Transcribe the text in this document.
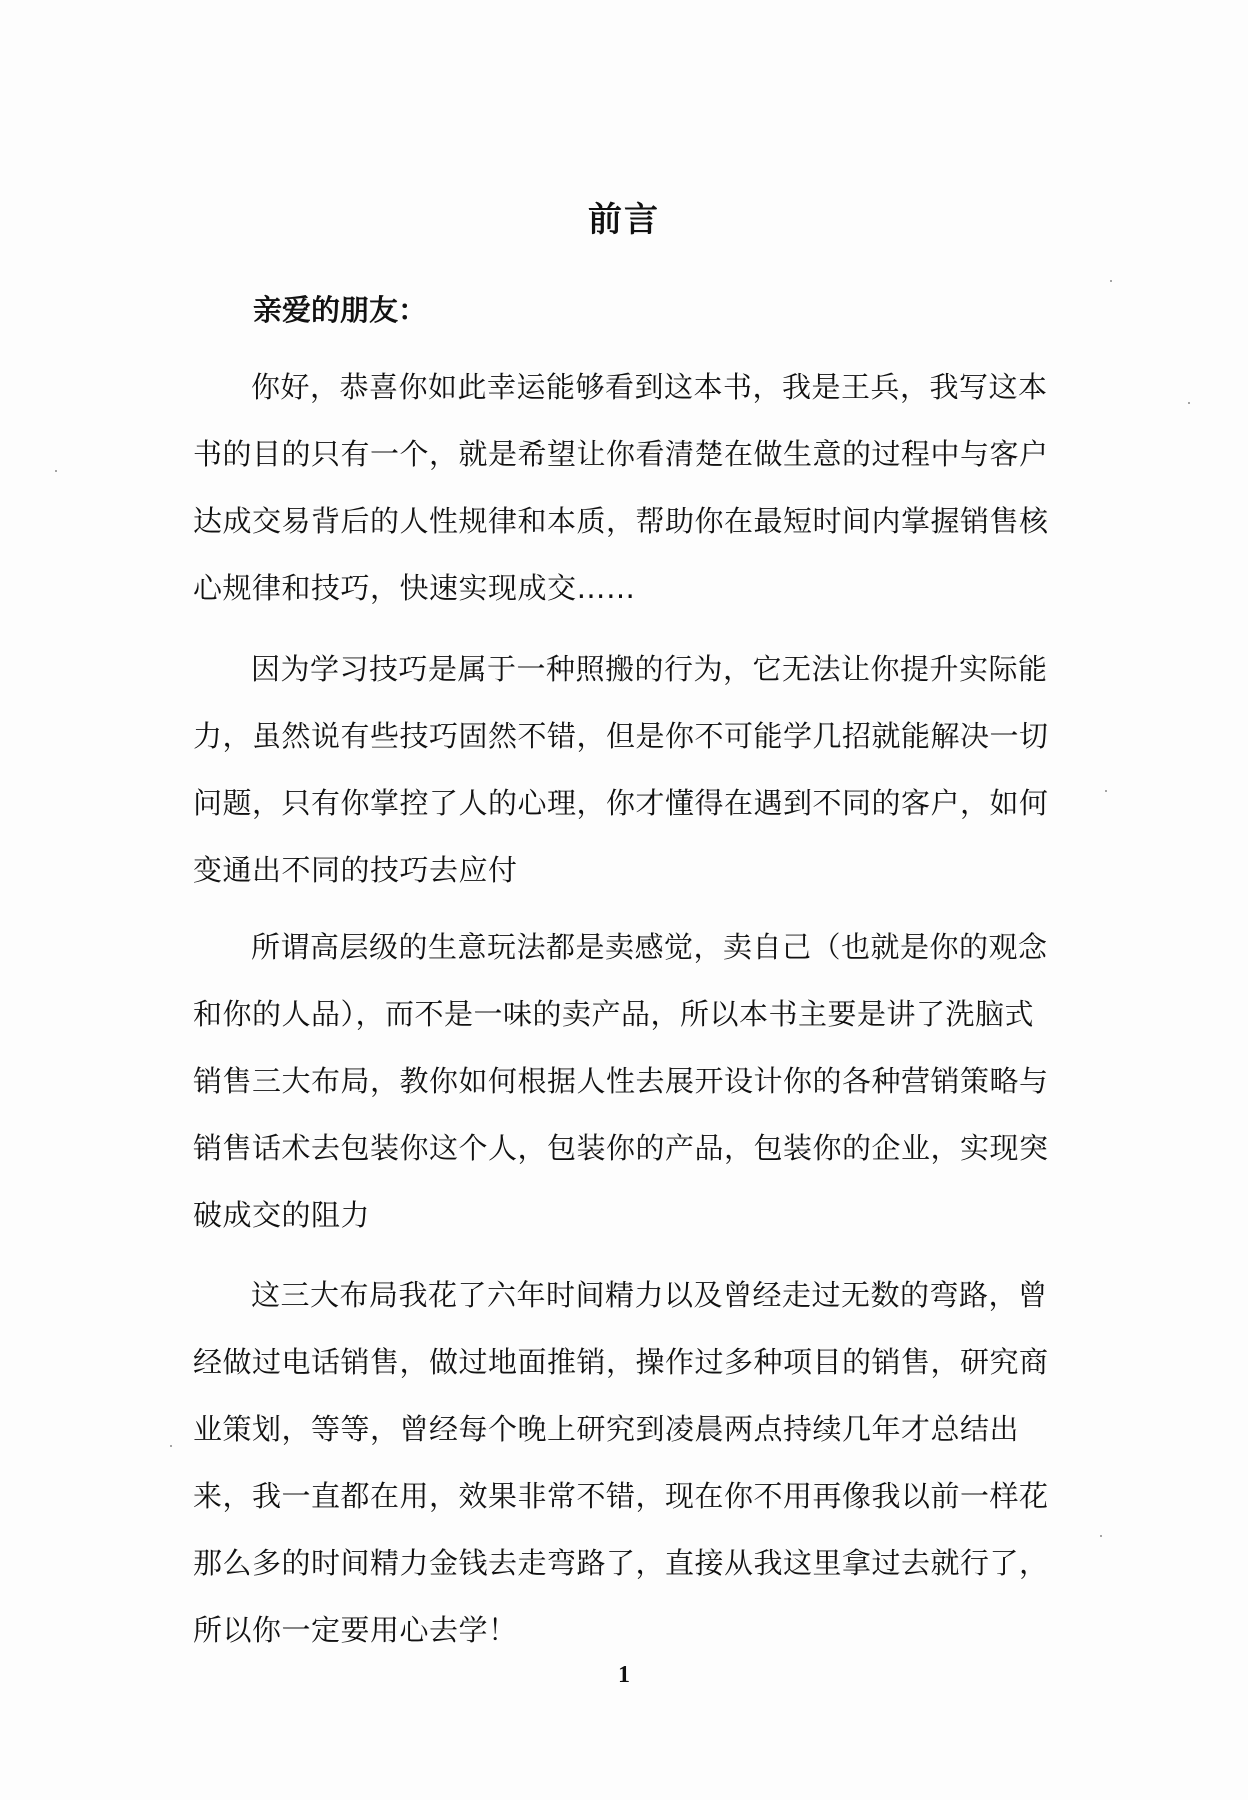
前言
亲爱的朋友：

你好，恭喜你如此幸运能够看到这本书，我是王兵，我写这本书的目的只有一个，就是希望让你看清楚在做生意的过程中与客户达成交易背后的人性规律和本质，帮助你在最短时间内掌握销售核心规律和技巧，快速实现成交……

因为学习技巧是属于一种照搬的行为，它无法让你提升实际能力，虽然说有些技巧固然不错，但是你不可能学几招就能解决一切问题，只有你掌控了人的心理，你才懂得在遇到不同的客户，如何变通出不同的技巧去应付

所谓高层级的生意玩法都是卖感觉，卖自己（也就是你的观念和你的人品），而不是一味的卖产品，所以本书主要是讲了洗脑式销售三大布局，教你如何根据人性去展开设计你的各种营销策略与销售话术去包装你这个人，包装你的产品，包装你的企业，实现突破成交的阻力

这三大布局我花了六年时间精力以及曾经走过无数的弯路，曾经做过电话销售，做过地面推销，操作过多种项目的销售，研究商业策划，等等，曾经每个晚上研究到凌晨两点持续几年才总结出来，我一直都在用，效果非常不错，现在你不用再像我以前一样花那么多的时间精力金钱去走弯路了，直接从我这里拿过去就行了，所以你一定要用心去学！

1
